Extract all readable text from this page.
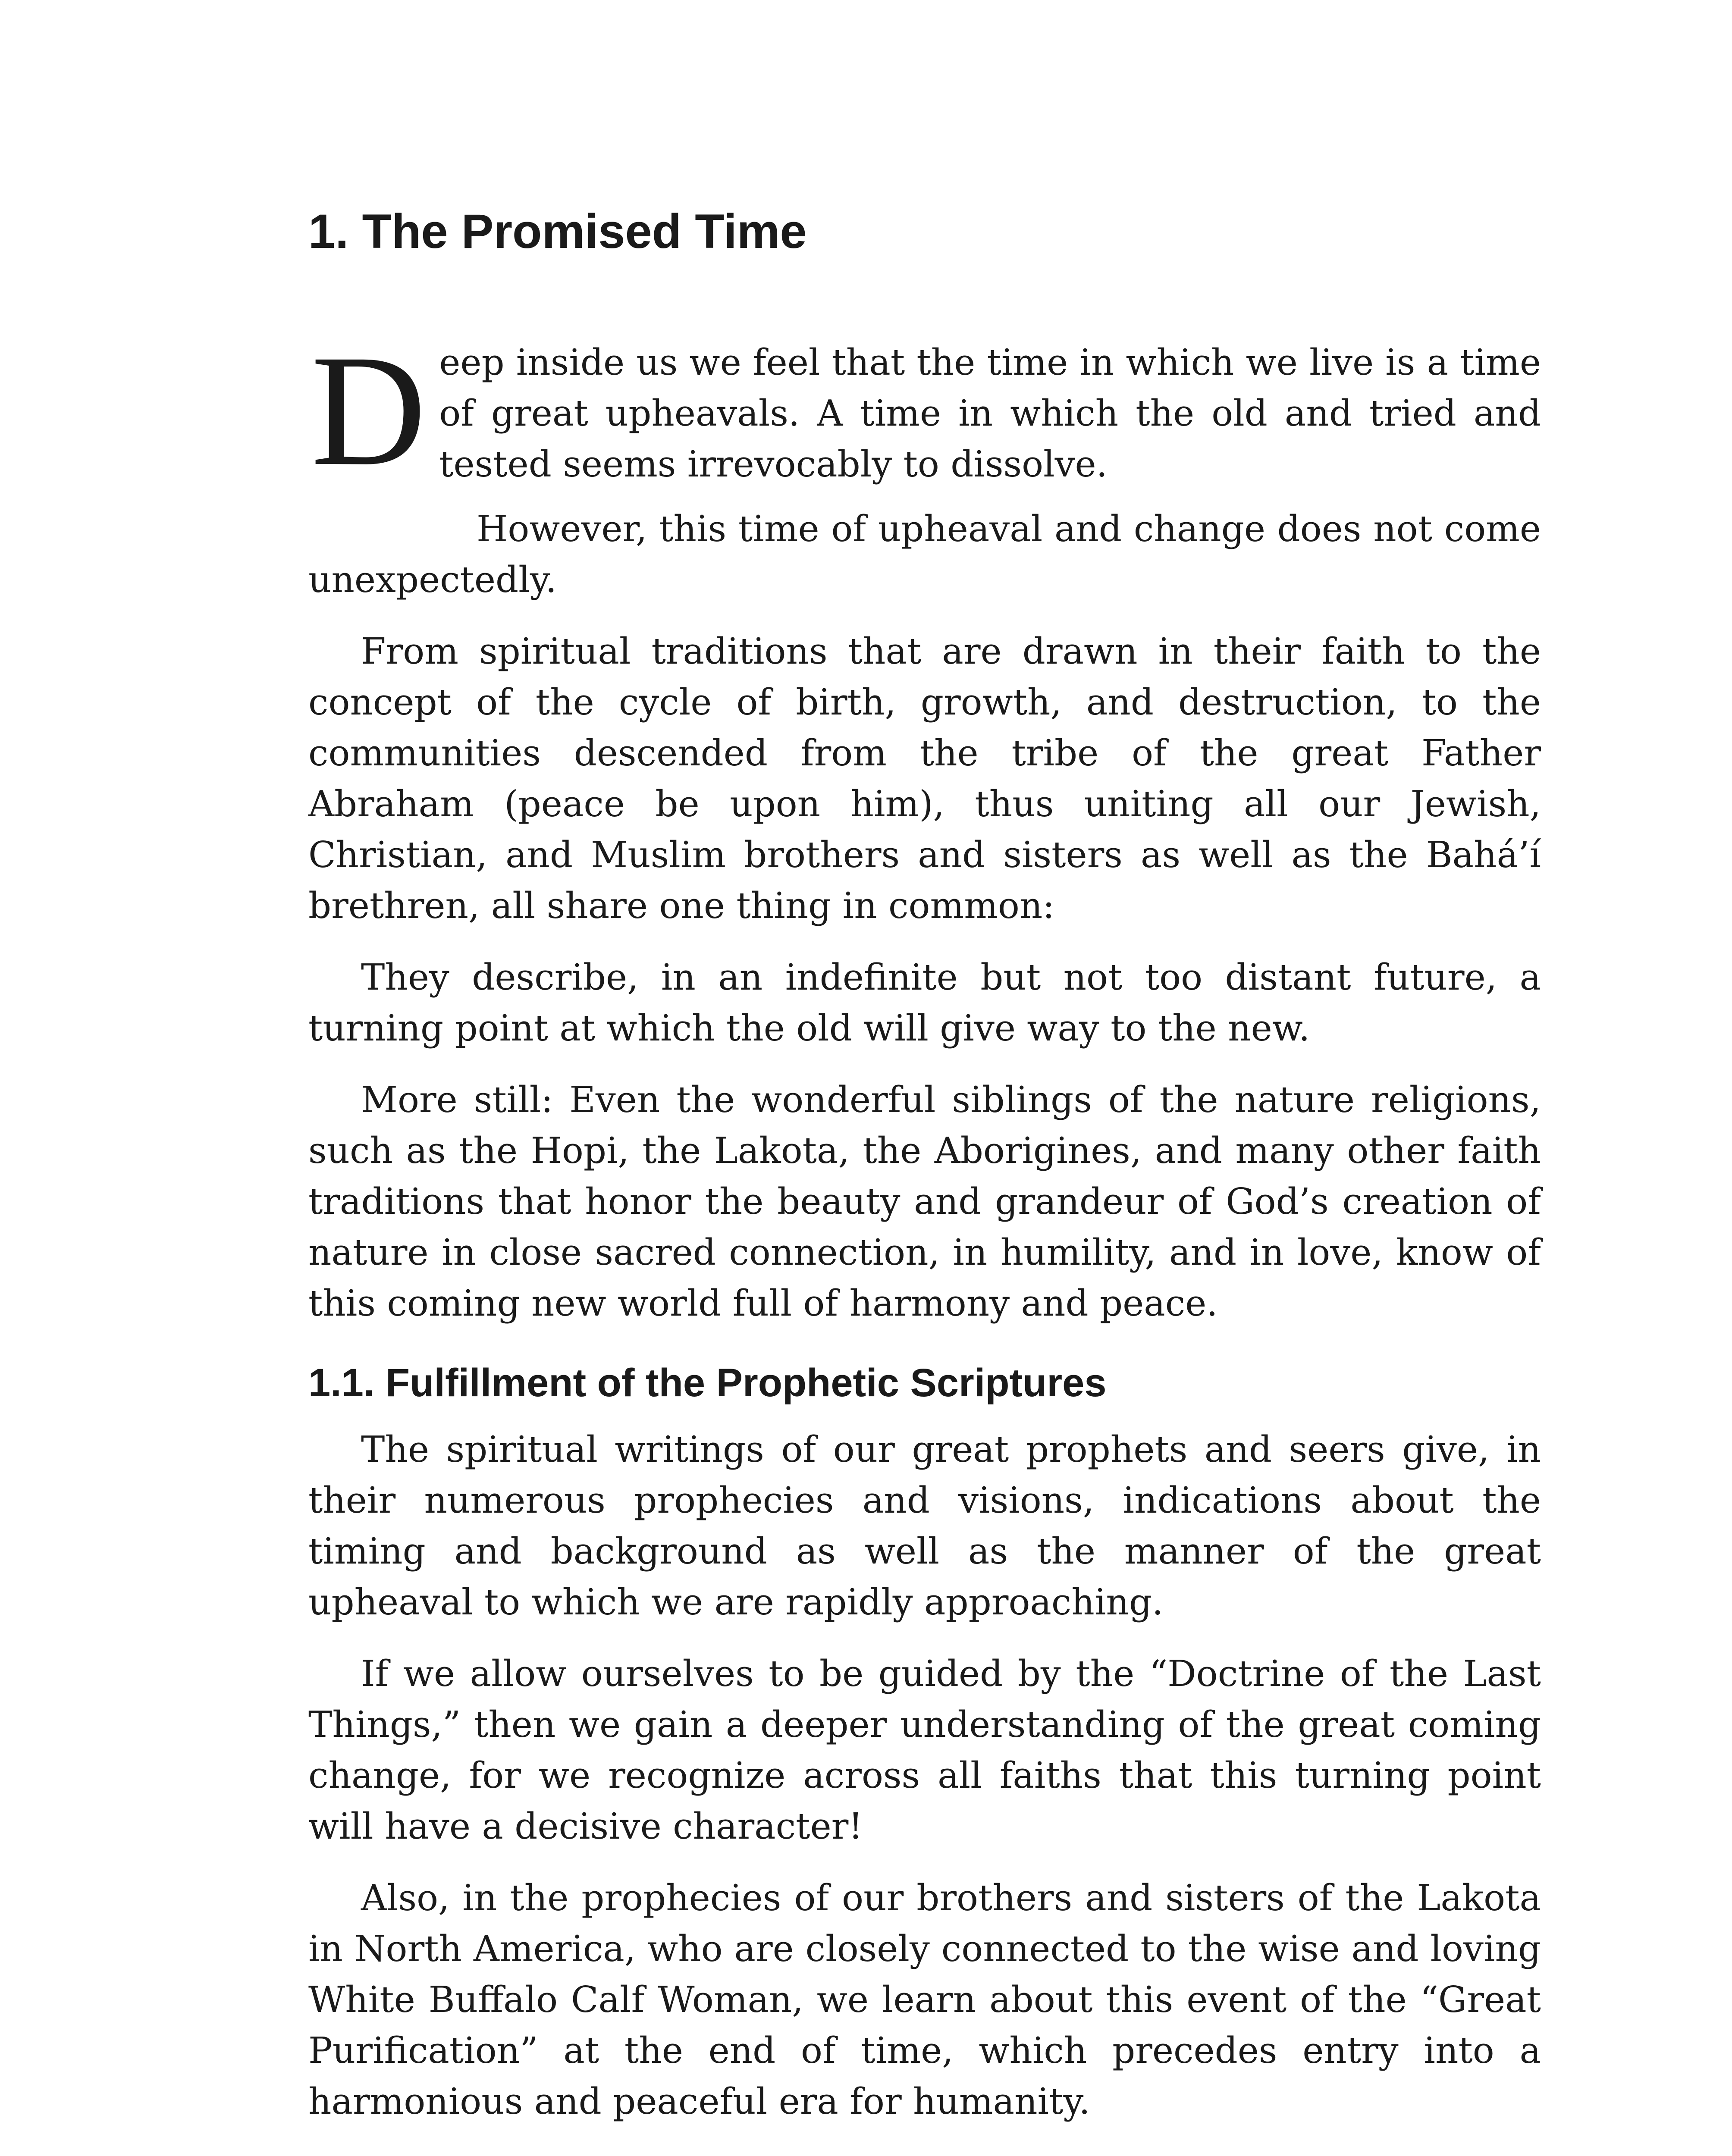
1. The Promised Time

Deep inside us we feel that the time in which we live is a time of great upheavals. A time in which the old and tried and tested seems irrevocably to dissolve.

However, this time of upheaval and change does not come unexpectedly.

From spiritual traditions that are drawn in their faith to the concept of the cycle of birth, growth, and destruction, to the communities descended from the tribe of the great Father Abraham (peace be upon him), thus uniting all our Jewish, Christian, and Muslim brothers and sisters as well as the Bahá’í brethren, all share one thing in common:

They describe, in an indefinite but not too distant future, a turning point at which the old will give way to the new.

More still: Even the wonderful siblings of the nature religions, such as the Hopi, the Lakota, the Aborigines, and many other faith traditions that honor the beauty and grandeur of God’s creation of nature in close sacred connection, in humility, and in love, know of this coming new world full of harmony and peace.

1.1. Fulfillment of the Prophetic Scriptures

The spiritual writings of our great prophets and seers give, in their numerous prophecies and visions, indications about the timing and background as well as the manner of the great upheaval to which we are rapidly approaching.

If we allow ourselves to be guided by the “Doctrine of the Last Things,” then we gain a deeper understanding of the great coming change, for we recognize across all faiths that this turning point will have a decisive character!

Also, in the prophecies of our brothers and sisters of the Lakota in North America, who are closely connected to the wise and loving White Buffalo Calf Woman, we learn about this event of the “Great Purification” at the end of time, which precedes entry into a harmonious and peaceful era for humanity.
